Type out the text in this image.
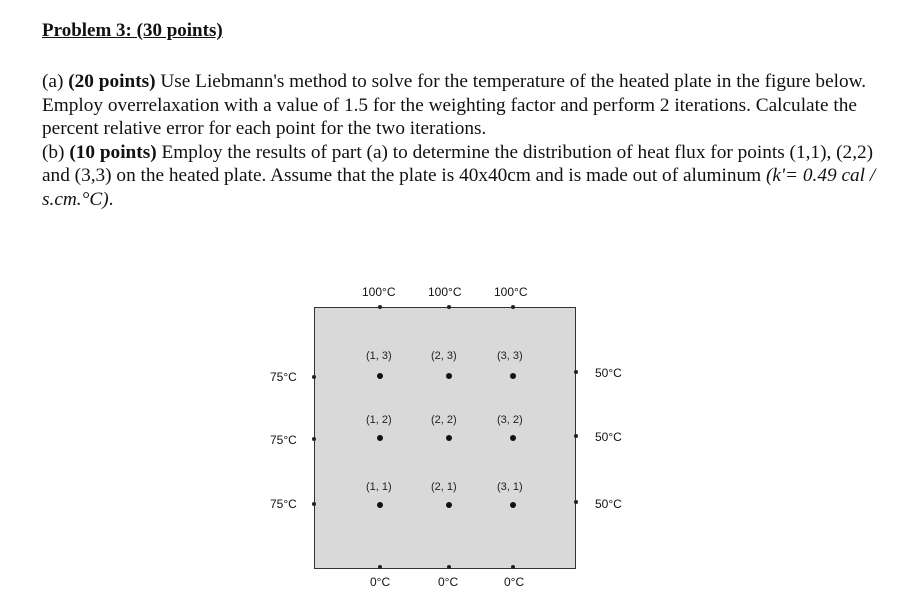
Problem 3: (30 points)

(a) (20 points) Use Liebmann's method to solve for the temperature of the heated plate in the figure below. Employ overrelaxation with a value of 1.5 for the weighting factor and perform 2 iterations. Calculate the percent relative error for each point for the two iterations.

(b) (10 points) Employ the results of part (a) to determine the distribution of heat flux for points (1,1), (2,2) and (3,3) on the heated plate. Assume that the plate is 40x40cm and is made out of aluminum (k'= 0.49 cal / s.cm.°C).

100°C	100°C	100°C
0°C	0°C	0°C
75°C
75°C
75°C
50°C
50°C
50°C
(1, 3)	(2, 3)	(3, 3)
(1, 2)	(2, 2)	(3, 2)
(1, 1)	(2, 1)	(3, 1)
